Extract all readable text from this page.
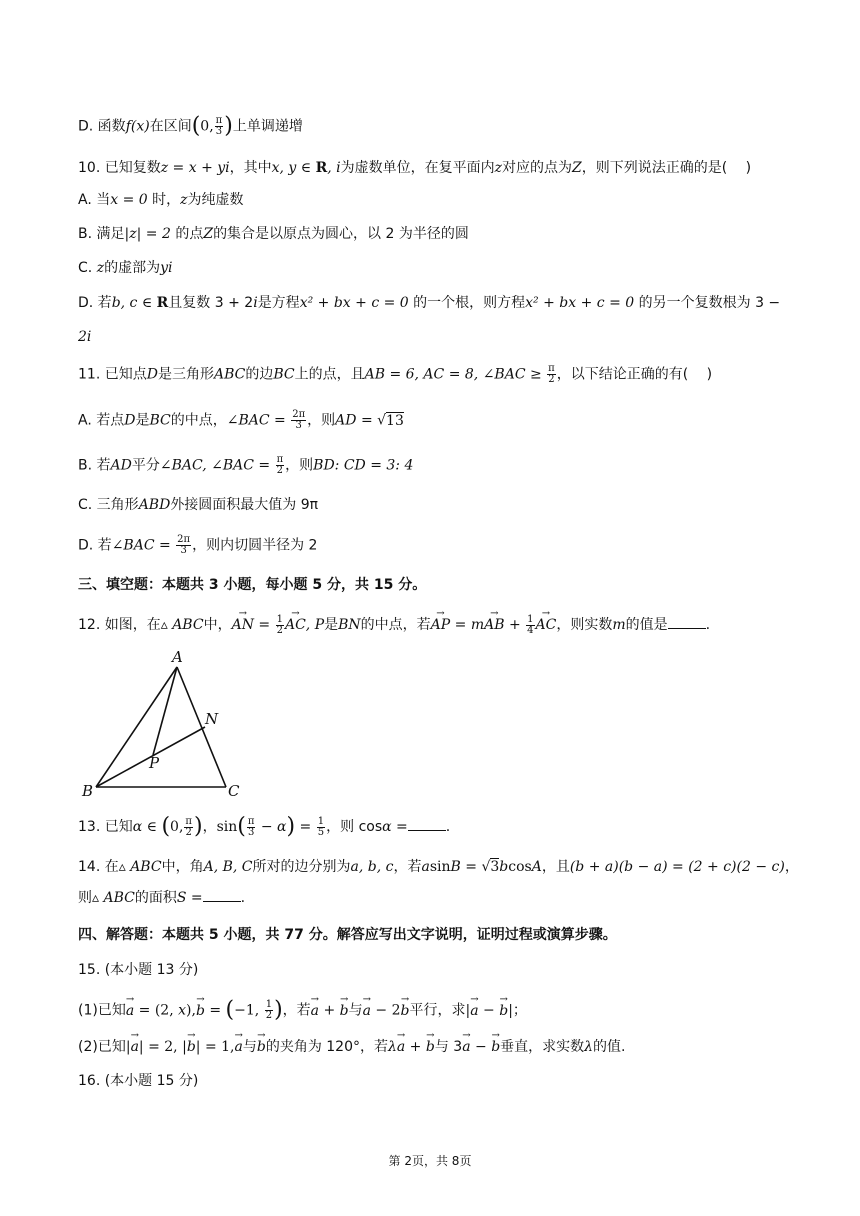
D. 函数f(x)在区间(0, $\frac{\pi}{3}$ )上单调递增
10. 已知复数z = x + yi，其中x, y ∈ R, i为虚数单位，在复平面内z对应的点为Z，则下列说法正确的是(　 )
A. 当x = 0 时，z为纯虚数
B. 满足|z| = 2 的点Z的集合是以原点为圆心，以 2 为半径的圆
C. z的虚部为yi
D. 若b, c ∈ R且复数 3 + 2i是方程x² + bx + c = 0 的一个根，则方程x² + bx + c = 0 的另一个复数根为 3 −
2i
11. 已知点D是三角形ABC的边BC上的点，且AB = 6, AC = 8, ∠BAC ≥ $\frac{\pi}{2}$ ，以下结论正确的有(　 )
A. 若点D是BC的中点，∠BAC = $\frac{2\pi}{3}$ ，则AD = √13
B. 若AD平分∠BAC, ∠BAC = $\frac{\pi}{2}$ ，则BD: CD = 3: 4
C. 三角形ABD外接圆面积最大值为 9π
D. 若∠BAC = $\frac{2\pi}{3}$ ，则内切圆半径为 2
三、填空题：本题共 3 小题，每小题 5 分，共 15 分。
12. 如图，在▵ ABC中，→ AN = $\frac{1}{2}$ → AC, P是BN的中点，若→ AP = m→ AB + $\frac{1}{4}$ → AC，则实数m的值是	.
A
B	C
N
P
13. 已知α ∈ (0, $\frac{\pi}{2}$ )，$\sin( \frac{\pi}{3} - \alpha) = \frac{1}{5}$ ，则 cosα =	.
14. 在▵ ABC中，角A, B, C所对的边分别为a, b, c，若asinB = √3bcosA，且(b + a)(b − a) = (2 + c)(2 − c)，
则▵ ABC的面积S =	.
四、解答题：本题共 5 小题，共 77 分。解答应写出文字说明，证明过程或演算步骤。
15. (本小题 13 分)
(1)已知→ a = (2, x),→ b = (−1, $\frac{1}{2}$ )，若→ a + → b与→ a − 2→ b平行，求|→ a − → b|；
(2)已知|→ a| = 2, |→ b| = 1,→ a与→ b的夹角为 120°，若λ→ a + → b与 3→ a − → b垂直，求实数λ的值.
16. (本小题 15 分)
第 2页，共 8页
